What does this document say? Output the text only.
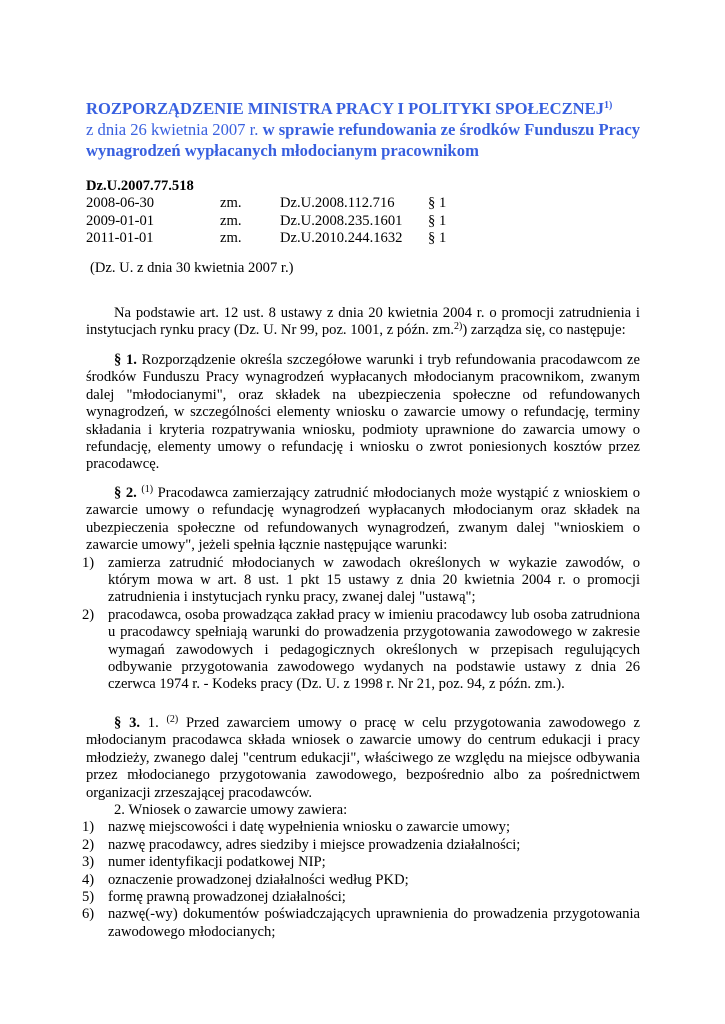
ROZPORZĄDZENIE MINISTRA PRACY I POLITYKI SPOŁECZNEJ$^{1)}$
z dnia 26 kwietnia 2007 r. w sprawie refundowania ze środków Funduszu Pracy wynagrodzeń wypłacanych młodocianym pracownikom
Dz.U.2007.77.518
2008-06-30	zm.	Dz.U.2008.112.716	§ 1
2009-01-01	zm.	Dz.U.2008.235.1601	§ 1
2011-01-01	zm.	Dz.U.2010.244.1632	§ 1
(Dz. U. z dnia 30 kwietnia 2007 r.)
Na podstawie art. 12 ust. 8 ustawy z dnia 20 kwietnia 2004 r. o promocji zatrudnienia i instytucjach rynku pracy (Dz. U. Nr 99, poz. 1001, z późn. zm.$^{2)}$) zarządza się, co następuje:
§ 1. Rozporządzenie określa szczegółowe warunki i tryb refundowania pracodawcom ze środków Funduszu Pracy wynagrodzeń wypłacanych młodocianym pracownikom, zwanym dalej "młodocianymi", oraz składek na ubezpieczenia społeczne od refundowanych wynagrodzeń, w szczególności elementy wniosku o zawarcie umowy o refundację, terminy składania i kryteria rozpatrywania wniosku, podmioty uprawnione do zawarcia umowy o refundację, elementy umowy o refundację i wniosku o zwrot poniesionych kosztów przez pracodawcę.
§ 2. $^{(1)}$ Pracodawca zamierzający zatrudnić młodocianych może wystąpić z wnioskiem o zawarcie umowy o refundację wynagrodzeń wypłacanych młodocianym oraz składek na ubezpieczenia społeczne od refundowanych wynagrodzeń, zwanym dalej "wnioskiem o zawarcie umowy", jeżeli spełnia łącznie następujące warunki:
1) zamierza zatrudnić młodocianych w zawodach określonych w wykazie zawodów, o którym mowa w art. 8 ust. 1 pkt 15 ustawy z dnia 20 kwietnia 2004 r. o promocji zatrudnienia i instytucjach rynku pracy, zwanej dalej "ustawą";
2) pracodawca, osoba prowadząca zakład pracy w imieniu pracodawcy lub osoba zatrudniona u pracodawcy spełniają warunki do prowadzenia przygotowania zawodowego w zakresie wymagań zawodowych i pedagogicznych określonych w przepisach regulujących odbywanie przygotowania zawodowego wydanych na podstawie ustawy z dnia 26 czerwca 1974 r. - Kodeks pracy (Dz. U. z 1998 r. Nr 21, poz. 94, z późn. zm.).
§ 3. 1. $^{(2)}$ Przed zawarciem umowy o pracę w celu przygotowania zawodowego z młodocianym pracodawca składa wniosek o zawarcie umowy do centrum edukacji i pracy młodzieży, zwanego dalej "centrum edukacji", właściwego ze względu na miejsce odbywania przez młodocianego przygotowania zawodowego, bezpośrednio albo za pośrednictwem organizacji zrzeszającej pracodawców.
2. Wniosek o zawarcie umowy zawiera:
1) nazwę miejscowości i datę wypełnienia wniosku o zawarcie umowy;
2) nazwę pracodawcy, adres siedziby i miejsce prowadzenia działalności;
3) numer identyfikacji podatkowej NIP;
4) oznaczenie prowadzonej działalności według PKD;
5) formę prawną prowadzonej działalności;
6) nazwę(-wy) dokumentów poświadczających uprawnienia do prowadzenia przygotowania zawodowego młodocianych;
